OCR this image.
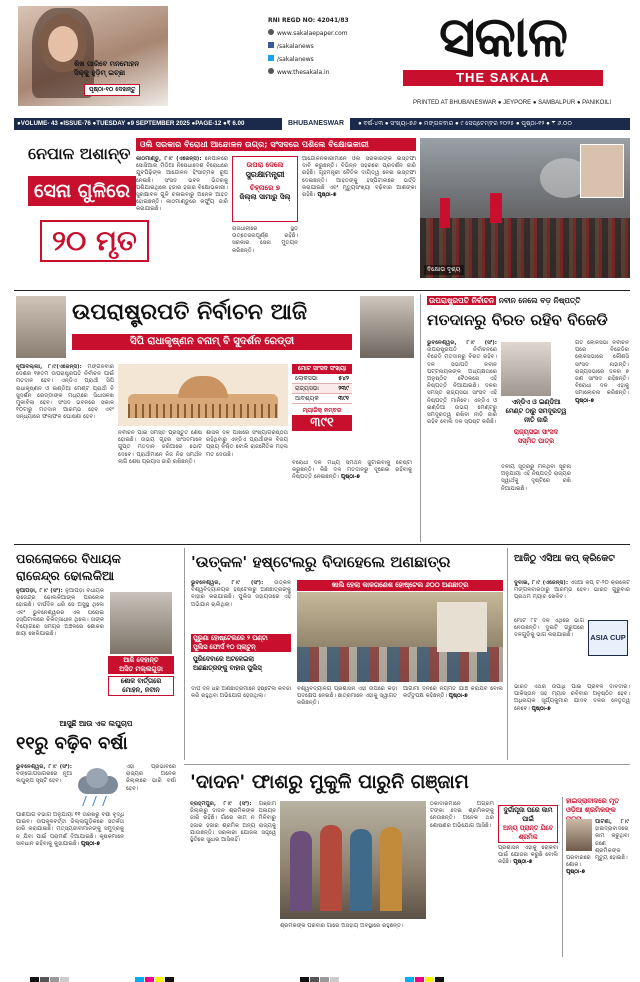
ଶିଖ ପାରିବେ ମନମୋହନ
ସିକ୍କୁ ହୁଡ଼ିମ୍ ଇଚ୍ଛା
ପୃଷ୍ଠା-୧୦ ଦେଖନ୍ତୁ
RNI REGD NO: 42041/83
www.sakalaepaper.com
/sakalanews
/sakalanews
www.thesakala.in
ସକାଳ
THE SAKALA
PRINTED AT BHUBANESWAR ● JEYPORE ● SAMBALPUR ● PANIKOILI
●VOLUME- 43 ●ISSUE-76 ●TUESDAY ●9 SEPTEMBER 2025 ●PAGE-12 ●₹ 6.00	BHUBANESWAR	● ବର୍ଷ-୪୩ ● ସଂଖ୍ୟା-୭୬ ● ମଙ୍ଗଳବାର ● ୯ ସେପ୍ଟେମ୍ବର ୨୦୨୫ ● ପୃଷ୍ଠା-୧୨ ● ₹ ୬.୦୦
ନେପାଳ ଅଶାନ୍ତ
ସେନା ଗୁଳିରେ
୨୦ ମୃତ
ଓଲି ସରକାର ବିରୋଧୀ ଆନ୍ଦୋଳନ ଉଗ୍ର; ସଂସଦରେ ପଶିଲେ ବିକ୍ଷୋଭକାରୀ
କାଠମାଣ୍ଡୁ, ୮।୯ (ଏଜେନ୍ସି): ନେପାଳରେ ସୋସିଆଲ ମିଡିଆ ନିଷେଧାଦେଶ ବିରୋଧରେ ଯୁବପିଢ଼ିଙ୍କ ଆନ୍ଦୋଳନ ହିଂସାତ୍ମକ ରୂପ ନେଇଛି। ସଂସଦ ଭବନ ଭିତରକୁ ପଶିଯାଇଥିଲେ ହଜାର ହଜାର ବିକ୍ଷୋଭକାରୀ। ସୁରକ୍ଷାବଳ ଗୁଳି ଚଳାଇବାରୁ ଅନେକ ଆହତ ହୋଇଛନ୍ତି। କାଠମାଣ୍ଡୁରେ କର୍ଫ୍ୟୁ ଜାରି କରାଯାଇଛି।
ଉପରା ଦେଲେ
ସୁରକ୍ଷାମନ୍ତ୍ରୀ
ଚିହ୍ନାରେ ୭
ଜିଲ୍ଲା ସାମାରୁ ସିଲ୍
ରାଜଧାନୀରେ ସ୍ଥିତି ଉତ୍ତେଜନାପୂର୍ଣ୍ଣ ରହିଛି। ସରକାର ସେନା ମୁତୟନ କରିଛନ୍ତି।
ଆନ୍ଦୋଳନକାରୀମାନେ ଓଲି ସରକାରଙ୍କ ଇସ୍ତଫା ଦାବି କରୁଛନ୍ତି। ବିଭିନ୍ନ ସହରରେ ପ୍ରଦର୍ଶନ ଜାରି ରହିଛି। ଗୃହମନ୍ତ୍ରୀ ନୈତିକ ଦାୟିତ୍ୱ ନେଇ ଇସ୍ତଫା ଦେଇଛନ୍ତି। ଆହତଙ୍କୁ ହସ୍ପିଟାଲରେ ଭର୍ତ୍ତି କରାଯାଇଛି ଏବଂ ମୃତ୍ୟୁସଂଖ୍ୟା ବଢ଼ିବାର ଆଶଙ୍କା ରହିଛି। ପୃଷ୍ଠା-୭
ବିକ୍ଷୋଭ ଦୃଶ୍ୟ
ଉପରାଷ୍ଟ୍ରପତି ନିର୍ବାଚନ ଆଜି
ସିପି ରାଧାକୃଷ୍ଣନ ବନାମ୍ ବି ସୁଦର୍ଶନ ରେଡ୍ଡୀ
ନୂଆଦିଲ୍ଲୀ, ୮।୯(ଏଜେନ୍ସି): ମଙ୍ଗଳବାର ଦେଶର ୧୭ତମ ଉପରାଷ୍ଟ୍ରପତି ନିର୍ବାଚନ ପାଇଁ ମତଦାନ ହେବ। ଏନ୍‌ଡିଏ ପ୍ରାର୍ଥୀ ସିପି ରାଧାକୃଷ୍ଣନ ଓ ଇଣ୍ଡିଆ ମେଣ୍ଟ ପ୍ରାର୍ଥୀ ବି ସୁଦର୍ଶନ ରେଡ୍ଡୀଙ୍କ ମଧ୍ୟରେ ସିଧାସଳଖ ମୁକାବିଲା ହେବ। ସଂସଦ ଭବନରେ ସକାଳ ୧୦ଟାରୁ ମତଦାନ ଆରମ୍ଭ ହେବ ଏବଂ ସନ୍ଧ୍ୟାରେ ଫଳାଫଳ ଘୋଷଣା ହେବ।
ମୋଟ ସାଂସଦ ସଂଖ୍ୟା
ଲୋକସଭା	୫୪୨
ରାଜ୍ୟସଭା	୨୩୯
ଆବଶ୍ୟକ	୩୯୧
ମ୍ୟାଜିକ୍ ନମ୍ବର
୩୯୧
ନିର୍ବାଚନ ପାଇଁ ସମସ୍ତ ପ୍ରସ୍ତୁତି ଶେଷ ହୋଇଛି। ଉଭୟ ଗୃହର ସାଂସଦମାନେ ଗୁପ୍ତ ମତଦାନ ଜରିଆରେ ଭୋଟ ଦେବେ। ପ୍ରାର୍ଥୀମାନେ ନିଜ ନିଜ ସମର୍ଥନ ଲାଗି ଶେଷ ପ୍ରୟାସ ଜାରି ରଖିଛନ୍ତି।
ଶାସକ ଦଳ ପାଖରେ ସଂଖ୍ୟାଗରିଷ୍ଠତା ରହିଥିବାରୁ ଏନ୍‌ଡିଏ ପ୍ରାର୍ଥୀଙ୍କ ବିଜୟ ପ୍ରାୟ ନିଶ୍ଚିତ ବୋଲି ରାଜନୈତିକ ମହଲ ମତ ଦେଉଛି।
ବିରୋଧୀ ଦଳ ମଧ୍ୟ ସମର୍ଥନ ଜୁଟାଇବାକୁ ଚେଷ୍ଟା କରୁଛନ୍ତି। କିଛି ଦଳ ମତଦାନରୁ ଦୂରେଇ ରହିବାକୁ ନିଷ୍ପତ୍ତି ନେଇଛନ୍ତି। ପୃଷ୍ଠା-୭
ଉପରାଷ୍ଟ୍ରପତି ନିର୍ବାଚନ ନବୀନ ନେଲେ ବଡ଼ ନିଷ୍ପତ୍ତି
ମତଦାନରୁ ବିରତ ରହିବ ବିଜେଡି
ଭୁବନେଶ୍ୱର, ୮।୯ (ସଂ): ଉପରାଷ୍ଟ୍ରପତି ନିର୍ବାଚନରେ ବିଜେଡି ମତଦାନରୁ ବିରତ ରହିବ। ଦଳ ସଭାପତି ନବୀନ ପଟ୍ଟନାୟକଙ୍କ ଅଧ୍ୟକ୍ଷତାରେ ଅନୁଷ୍ଠିତ ବୈଠକରେ ଏହି ନିଷ୍ପତ୍ତି ନିଆଯାଇଛି। ଦଳର ସମସ୍ତ ରାଜ୍ୟସଭା ସାଂସଦ ଏହି ନିଷ୍ପତ୍ତି ମାନିବେ। ଏନ୍‌ଡିଏ ଓ ଇଣ୍ଡିଆ ଉଭୟ ମେଣ୍ଟରୁ ସମଦୂରତ୍ୱ ରଖିବା ନୀତି ଜାରି ରହିବ ବୋଲି ଦଳ ସ୍ପଷ୍ଟ କରିଛି।
ଏନ୍‌ଡିଏ ଓ ଇଣ୍ଡିଆ
ମେଣ୍ଟ ଠାରୁ ସମଦୂରତ୍ୱ
ନୀତି ଜାରି
ରାଜ୍ୟସଭା ସାଂସଦ
ସସ୍ମିତ ପାତ୍ର
ଦଳୀୟ ସୂତ୍ରରୁ ମିଳିଥିବା ସୂଚନା ଅନୁଯାୟୀ ଏହି ନିଷ୍ପତ୍ତି ରାଜ୍ୟର ସ୍ୱାର୍ଥକୁ ଦୃଷ୍ଟିରେ ରଖି ନିଆଯାଇଛି।
ଗତ ଲୋକସଭା ନିର୍ବାଚନ ପରେ ବିଜେଡିର ଲୋକସଭାରେ କୌଣସି ସାଂସଦ ନାହାନ୍ତି। ରାଜ୍ୟସଭାରେ ଦଳର ୭ ଜଣ ସାଂସଦ ରହିଛନ୍ତି। ବିରୋଧୀ ଦଳ ଏହାକୁ ସମାଲୋଚନା କରିଛନ୍ତି। ପୃଷ୍ଠା-୭
ପରଲୋକରେ ବିଧାୟକ
ରାଜେନ୍ଦ୍ର ଢୋଲକିଆ
ନୁଆପଡ଼ା, ୮।୯ (ସଂ): ନୁଆପଡ଼ା ବିଧାୟକ ରାଜେନ୍ଦ୍ର ଢୋଲକିଆଙ୍କ ପରଲୋକ ହୋଇଛି। ଦୀର୍ଘଦିନ ଧରି ସେ ଅସୁସ୍ଥ ଥିଲେ ଏବଂ ଭୁବନେଶ୍ୱରର ଏକ ଘରୋଇ ହସ୍ପିଟାଲରେ ଚିକିତ୍ସାଧୀନ ଥିଲେ। ତାଙ୍କ ବିୟୋଗରେ ସମଗ୍ର ଅଞ୍ଚଳରେ ଶୋକର ଛାୟା ଖେଳିଯାଇଛି।
ଆଜି ଦେହାନ୍ତ
ଅସିତ ମଲ୍ଲଗୁଡ଼ା
ଶୋକ ବାର୍ତ୍ତାରେ
ମୋହନ, ନବୀନ
'ଉତ୍କଳ' ହଷ୍ଟେଲରୁ ବିଦାହେଲେ ଅଣଛାତ୍ର
ଭୁବନେଶ୍ୱର, ୮।୯ (ସଂ): ଉତ୍କଳ ବିଶ୍ୱବିଦ୍ୟାଳୟର ହଷ୍ଟେଲରୁ ଅଣଛାତ୍ରଙ୍କୁ ବାହାର କରାଯାଇଛି। ପୁଲିସ ସହାୟତାରେ ଏହି ଅଭିଯାନ ଚାଲିଥିଲା।
ପୁରୁଣା ହୋଷ୍ଟେଲରେ ୨ ଘଣ୍ଟା
ପୁଲିସ ଫୋର୍ସ ୧୦ ପ୍ଲାଟୁନ୍
ପୁରିଦେବାରେ ଅଟକେଇଲା
ଅଣଛାତ୍ରଙ୍କୁ ବାହାର ପୁଲିସ୍
ଖାଲି ହେଲା କାଳଗଣେଶ ହୋଷ୍ଟେଲ ୬୦୦ ଅଣଛାତ୍ର
ଦୀର୍ଘ ଦିନ ଧରି ଅଣଛାତ୍ରମାନେ ହଷ୍ଟେଲ କବଜା କରି ରହୁଥିବା ଅଭିଯୋଗ ହେଉଥିଲା।
ବିଶ୍ୱବିଦ୍ୟାଳୟ ପ୍ରଶାସନ ଏହା ଉପରେ କଡ଼ା ପଦକ୍ଷେପ ନେଇଛି। ଛାତ୍ରମାନେ ଏହାକୁ ସ୍ୱାଗତ କରିଛନ୍ତି।
ଆଗାମୀ ଦିନରେ ନିୟମିତ ଯାଞ୍ଚ କରାଯିବ ବୋଲି କର୍ତ୍ତୃପକ୍ଷ କହିଛନ୍ତି। ପୃଷ୍ଠା-୭
ଆଜିଠୁ ଏସିଆ କପ୍ କ୍ରିକେଟ
ଦୁବାଇ, ୮।୯ (ଏଜେନ୍ସି): ଏସିଆ କପ୍ ଟି-୨୦ କ୍ରିକେଟ ମଙ୍ଗଳବାରଠାରୁ ଆରମ୍ଭ ହେବ। ଭାରତ ଗୁରୁବାର ପ୍ରଥମ ମ୍ୟାଚ ଖେଳିବ।
ମୋଟ ୮ଟି ଦଳ ଏଥିରେ ଭାଗ ନେଉଛନ୍ତି। ଦୁଇଟି ଗ୍ରୁପରେ ଦଳଗୁଡ଼ିକୁ ଭାଗ କରାଯାଇଛି।	ASIA CUP
ଭାରତ ଏଥର ଉପାଧି ପାଇଁ ପ୍ରବଳ ଦାବିଦାର। ପାକିସ୍ତାନ ସହ ମ୍ୟାଚ ରବିବାର ଅନୁଷ୍ଠିତ ହେବ। ଅଧିନାୟକ ସୂର୍ଯ୍ୟକୁମାର ଯାଦବ ଦଳର ନେତୃତ୍ୱ ନେବେ। ପୃଷ୍ଠା-୭
ଆସୁଛି ଆଉ ଏକ ଲଘୁଚାପ
୧୧ରୁ ବଢ଼ିବ ବର୍ଷା
ଭୁବନେଶ୍ୱର, ୮।୯ (ସଂ): ବଙ୍ଗୋପସାଗରରେ ନୂଆ ଲଘୁଚାପ ସୃଷ୍ଟି ହେବ।
ଏହା ପ୍ରଭାବରେ ରାଜ୍ୟର ଅନେକ ଜିଲ୍ଲାରେ ଭାରି ବର୍ଷା ହେବ।
ପାଣିପାଗ ବିଭାଗ ଅନୁଯାୟୀ ୧୧ ତାରିଖରୁ ବର୍ଷା ବୃଦ୍ଧି ପାଇବ। ଉପକୂଳବର୍ତ୍ତୀ ଜିଲ୍ଲାଗୁଡ଼ିକରେ ସତର୍କତା ଜାରି କରାଯାଇଛି। ମତ୍ସ୍ୟଜୀବୀମାନଙ୍କୁ ସମୁଦ୍ରକୁ ନ ଯିବା ପାଇଁ ପରାମର୍ଶ ଦିଆଯାଇଛି। କୃଷକମାନେ ସାବଧାନ ରହିବାକୁ କୁହାଯାଇଛି। ପୃଷ୍ଠା-୭
'ଦାଦନ' ଫାଶରୁ ମୁକୁଳି ପାରୁନି ଗଞ୍ଜାମ
ବ୍ରହ୍ମପୁର, ୮।୯ (ସଂ): ଗଞ୍ଜାମ ଜିଲ୍ଲାରୁ ଦାଦନ ଶ୍ରମିକଙ୍କ ପଳାୟନ ଜାରି ରହିଛି। ଗାଁରେ କାମ ନ ମିଳିବାରୁ ହଜାର ହଜାର ଶ୍ରମିକ ଅନ୍ୟ ରାଜ୍ୟକୁ ଯାଉଛନ୍ତି। ସରକାରୀ ଯୋଜନା ସତ୍ତ୍ୱେ ସ୍ଥିତିରେ ସୁଧାର ଆସିନାହିଁ।
ଶ୍ରମିକଙ୍କ ପରିବାର ଗାଁରେ ଅସହାୟ ଅବସ୍ଥାରେ ରହୁଛନ୍ତି।
ଠିକାଦାରମାନେ ଅଗ୍ରିମ ଟଙ୍କା ଦେଇ ଶ୍ରମିକଙ୍କୁ ନେଉଛନ୍ତି। ଅନେକ ଥର ଶୋଷଣର ଅଭିଯୋଗ ଆସିଛି।
ଦୁର୍ଗାପୂଜା ପରେ କାମ ପାଇଁ
ଅନ୍ୟ ପ୍ରାନ୍ତ ଯିବେ ଶ୍ରମିକ
ପ୍ରଶାସନ ଏହାକୁ ରୋକିବା ପାଇଁ ଯୋଜନା କରୁଛି ବୋଲି କହିଛି। ପୃଷ୍ଠା-୭
ହାଇଦ୍ରାବାଦରେ ମୃତ
ଓଡ଼ିଆ ଶ୍ରମିକଙ୍କ
ପାଟଣା, ୮।୯ ହାଇଦ୍ରାବାଦରେ କାମ କରୁଥିବା ଜଣେ ଶ୍ରମିକଙ୍କ ମୃତ୍ୟୁ ହୋଇଛି।
ପରିବାରରେ ଶୋକ। ପୃଷ୍ଠା-୭
